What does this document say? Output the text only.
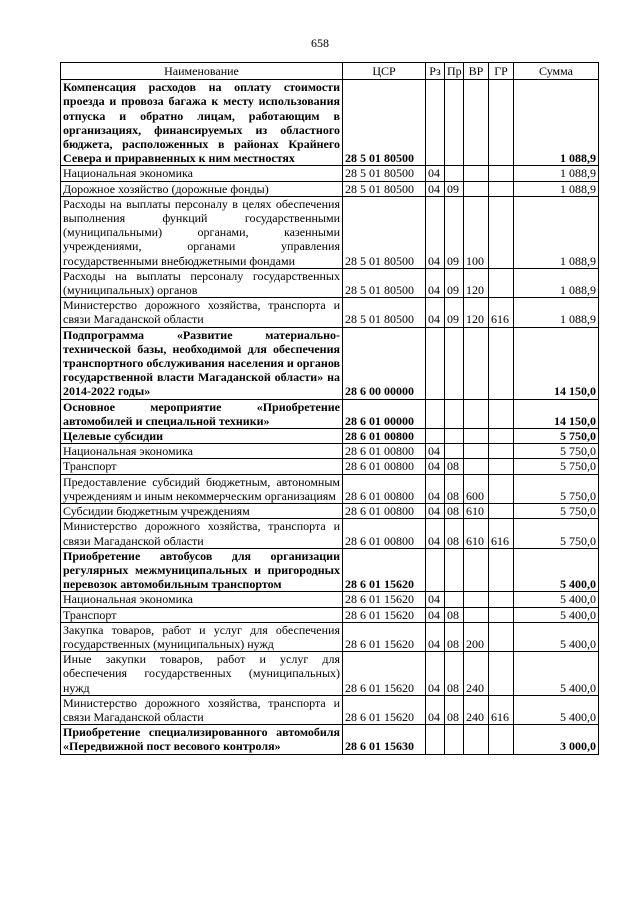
658
Наименование	ЦСР	Рз	Пр	ВР	ГР	Сумма
Компенсация расходов на оплату стоимости проезда и провоза багажа к месту использования отпуска и обратно лицам, работающим в организациях, финансируемых из областного бюджета, расположенных в районах Крайнего Севера и приравненных к ним местностях	28 5 01 80500					1 088,9
Национальная экономика	28 5 01 80500	04				1 088,9
Дорожное хозяйство (дорожные фонды)	28 5 01 80500	04	09			1 088,9
Расходы на выплаты персоналу в целях обеспечения выполнения функций государственными (муниципальными) органами, казенными учреждениями, органами управления государственными внебюджетными фондами	28 5 01 80500	04	09	100		1 088,9
Расходы на выплаты персоналу государственных (муниципальных) органов	28 5 01 80500	04	09	120		1 088,9
Министерство дорожного хозяйства, транспорта и связи Магаданской области	28 5 01 80500	04	09	120	616	1 088,9
Подпрограмма «Развитие материально-технической базы, необходимой для обеспечения транспортного обслуживания населения и органов государственной власти Магаданской области» на 2014-2022 годы»	28 6 00 00000					14 150,0
Основное мероприятие «Приобретение автомобилей и специальной техники»	28 6 01 00000					14 150,0
Целевые субсидии	28 6 01 00800					5 750,0
Национальная экономика	28 6 01 00800	04				5 750,0
Транспорт	28 6 01 00800	04	08			5 750,0
Предоставление субсидий бюджетным, автономным учреждениям и иным некоммерческим организациям	28 6 01 00800	04	08	600		5 750,0
Субсидии бюджетным учреждениям	28 6 01 00800	04	08	610		5 750,0
Министерство дорожного хозяйства, транспорта и связи Магаданской области	28 6 01 00800	04	08	610	616	5 750,0
Приобретение автобусов для организации регулярных межмуниципальных и пригородных перевозок автомобильным транспортом	28 6 01 15620					5 400,0
Национальная экономика	28 6 01 15620	04				5 400,0
Транспорт	28 6 01 15620	04	08			5 400,0
Закупка товаров, работ и услуг для обеспечения государственных (муниципальных) нужд	28 6 01 15620	04	08	200		5 400,0
Иные закупки товаров, работ и услуг для обеспечения государственных (муниципальных) нужд	28 6 01 15620	04	08	240		5 400,0
Министерство дорожного хозяйства, транспорта и связи Магаданской области	28 6 01 15620	04	08	240	616	5 400,0
Приобретение специализированного автомобиля «Передвижной пост весового контроля»	28 6 01 15630					3 000,0
